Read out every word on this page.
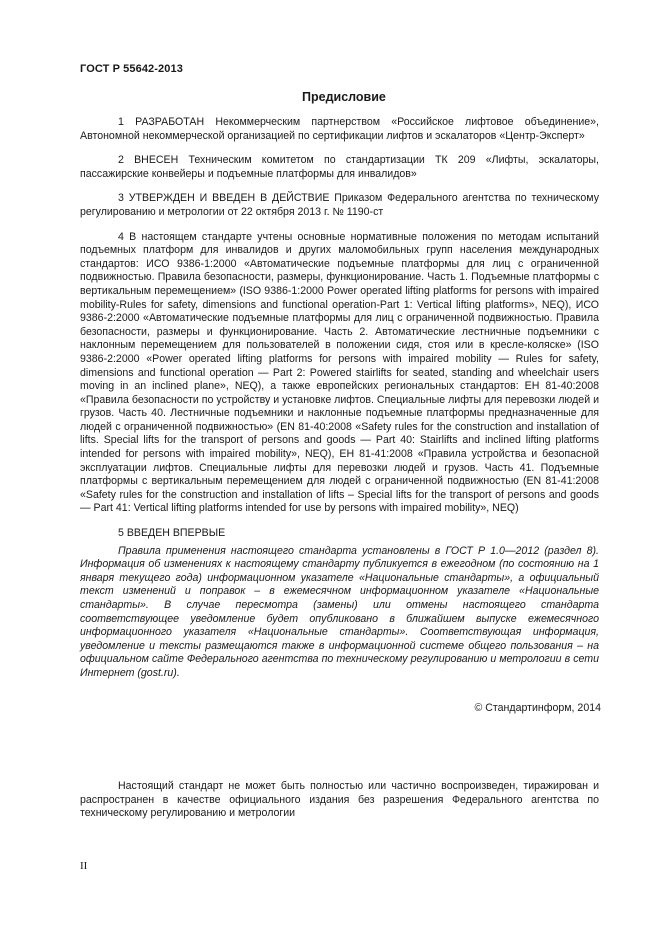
ГОСТ Р 55642-2013
Предисловие

1 РАЗРАБОТАН Некоммерческим партнерством «Российское лифтовое объединение», Автономной некоммерческой организацией по сертификации лифтов и эскалаторов «Центр-Эксперт»

2 ВНЕСЕН Техническим комитетом по стандартизации ТК 209 «Лифты, эскалаторы, пассажирские конвейеры и подъемные платформы для инвалидов»

3 УТВЕРЖДЕН И ВВЕДЕН В ДЕЙСТВИЕ Приказом Федерального агентства по техническому регулированию и метрологии от 22 октября 2013 г. № 1190-ст

4 В настоящем стандарте учтены основные нормативные положения по методам испытаний подъемных платформ для инвалидов и других маломобильных групп населения международных стандартов: ИСО 9386-1:2000 «Автоматические подъемные платформы для лиц с ограниченной подвижностью. Правила безопасности, размеры, функционирование. Часть 1. Подъемные платформы с вертикальным перемещением» (ISO 9386-1:2000 Power operated lifting platforms for persons with impaired mobility-Rules for safety, dimensions and functional operation-Part 1: Vertical lifting platforms», NEQ), ИСО 9386-2:2000 «Автоматические подъемные платформы для лиц с ограниченной подвижностью. Правила безопасности, размеры и функционирование. Часть 2. Автоматические лестничные подъемники с наклонным перемещением для пользователей в положении сидя, стоя или в кресле-коляске» (ISO 9386-2:2000 «Power operated lifting platforms for persons with impaired mobility — Rules for safety, dimensions and functional operation — Part 2: Powered stairlifts for seated, standing and wheelchair users moving in an inclined plane», NEQ), а также европейских региональных стандартов: ЕН 81-40:2008 «Правила безопасности по устройству и установке лифтов. Специальные лифты для перевозки людей и грузов. Часть 40. Лестничные подъемники и наклонные подъемные платформы предназначенные для людей с ограниченной подвижностью» (EN 81-40:2008 «Safety rules for the construction and installation of lifts. Special lifts for the transport of persons and goods — Part 40: Stairlifts and inclined lifting platforms intended for persons with impaired mobility», NEQ), ЕН 81-41:2008 «Правила устройства и безопасной эксплуатации лифтов. Специальные лифты для перевозки людей и грузов. Часть 41. Подъемные платформы с вертикальным перемещением для людей с ограниченной подвижностью (EN 81-41:2008 «Safety rules for the construction and installation of lifts – Special lifts for the transport of persons and goods — Part 41: Vertical lifting platforms intended for use by persons with impaired mobility», NEQ)

5 ВВЕДЕН ВПЕРВЫЕ

Правила применения настоящего стандарта установлены в ГОСТ Р 1.0—2012 (раздел 8). Информация об изменениях к настоящему стандарту публикуется в ежегодном (по состоянию на 1 января текущего года) информационном указателе «Национальные стандарты», а официальный текст изменений и поправок – в ежемесячном информационном указателе «Национальные стандарты». В случае пересмотра (замены) или отмены настоящего стандарта соответствующее уведомление будет опубликовано в ближайшем выпуске ежемесячного информационного указателя «Национальные стандарты». Соответствующая информация, уведомление и тексты размещаются также в информационной системе общего пользования – на официальном сайте Федерального агентства по техническому регулированию и метрологии в сети Интернет (gost.ru).

© Стандартинформ, 2014

Настоящий стандарт не может быть полностью или частично воспроизведен, тиражирован и распространен в качестве официального издания без разрешения Федерального агентства по техническому регулированию и метрологии

II
